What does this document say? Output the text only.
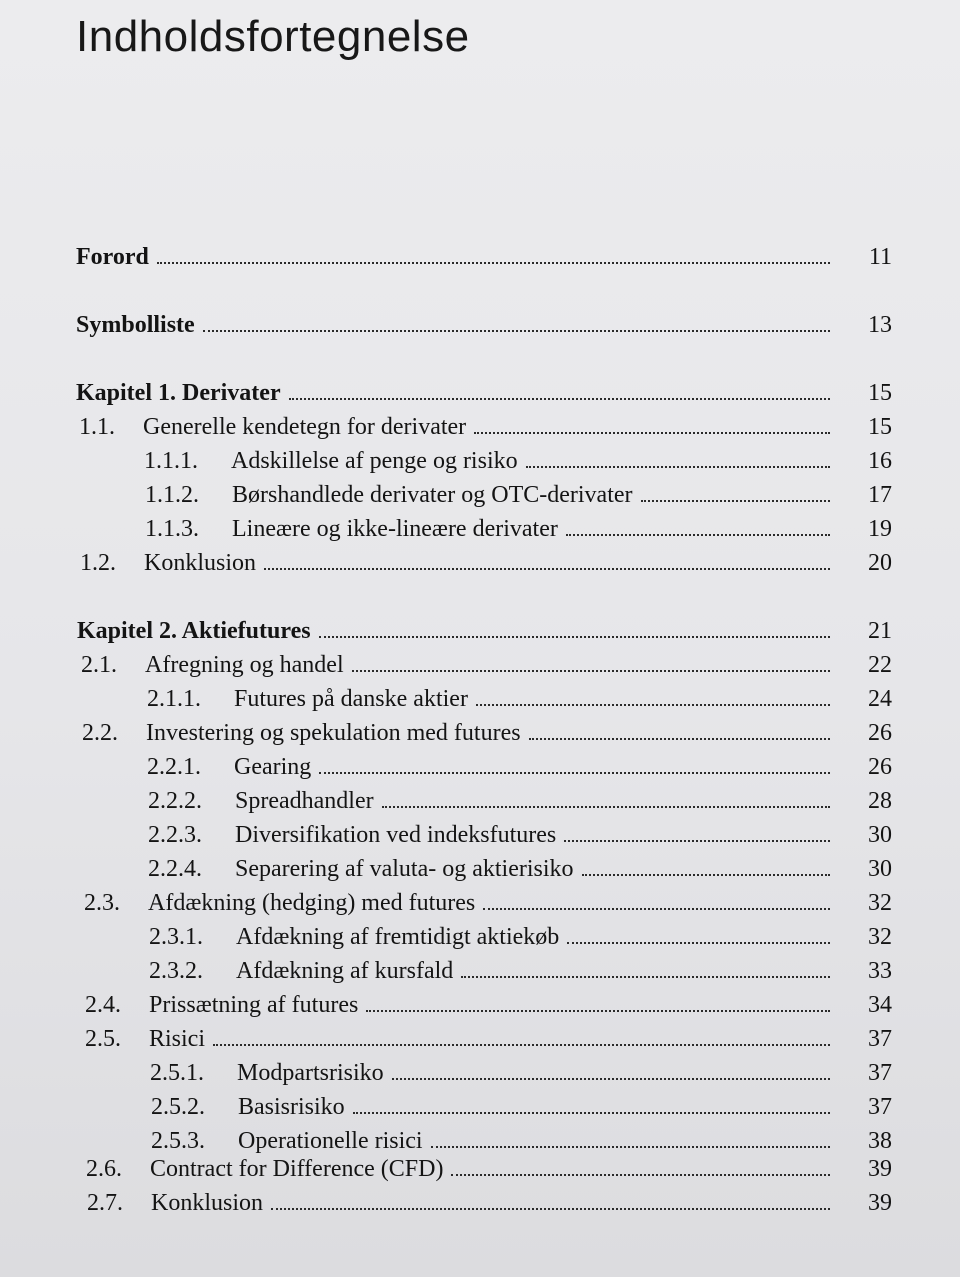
Indholdsfortegnelse
Forord	11
Symbolliste	13
Kapitel 1. Derivater	15
1.1. Generelle kendetegn for derivater	15
1.1.1. Adskillelse af penge og risiko	16
1.1.2. Børshandlede derivater og OTC-derivater	17
1.1.3. Lineære og ikke-lineære derivater	19
1.2. Konklusion	20
Kapitel 2. Aktiefutures	21
2.1. Afregning og handel	22
2.1.1. Futures på danske aktier	24
2.2. Investering og spekulation med futures	26
2.2.1. Gearing	26
2.2.2. Spreadhandler	28
2.2.3. Diversifikation ved indeksfutures	30
2.2.4. Separering af valuta- og aktierisiko	30
2.3. Afdækning (hedging) med futures	32
2.3.1. Afdækning af fremtidigt aktiekøb	32
2.3.2. Afdækning af kursfald	33
2.4. Prissætning af futures	34
2.5. Risici	37
2.5.1. Modpartsrisiko	37
2.5.2. Basisrisiko	37
2.5.3. Operationelle risici	38
2.6. Contract for Difference (CFD)	39
2.7. Konklusion	39
